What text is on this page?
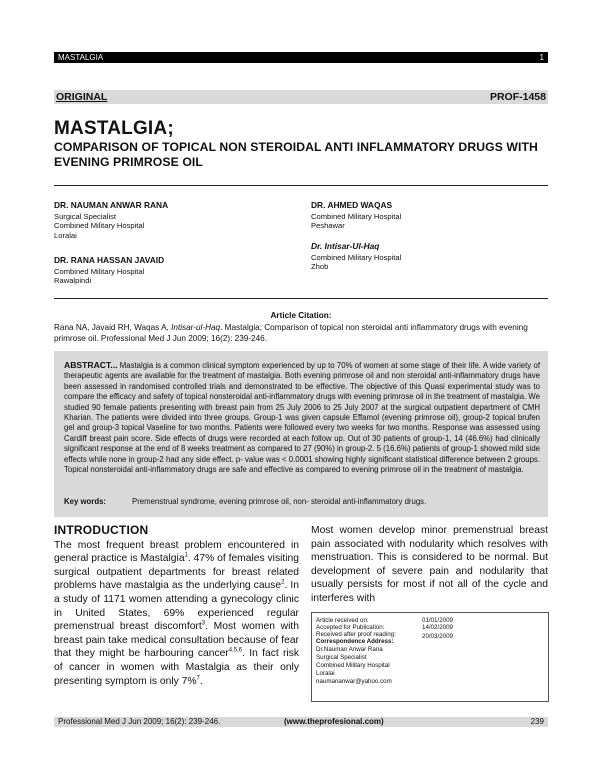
MASTALGIA	1
ORIGINAL	PROF-1458
MASTALGIA;
COMPARISON OF TOPICAL NON STEROIDAL ANTI INFLAMMATORY DRUGS WITH EVENING PRIMROSE OIL
DR. NAUMAN ANWAR RANA
Surgical Specialist
Combined Military Hospital
Loralai
DR. AHMED WAQAS
Combined Military Hospital
Peshawar
DR. RANA HASSAN JAVAID
Combined Military Hospital
Rawalpindi
Dr. Intisar-Ul-Haq
Combined Military Hospital
Zhob
Article Citation:
Rana NA, Javaid RH, Waqas A, Intisar-ul-Haq. Mastalgia; Comparison of topical non steroidal anti inflammatory drugs with evening primrose oil. Professional Med J Jun 2009; 16(2): 239-246.
ABSTRACT... Mastalgia is a common clinical symptom experienced by up to 70% of women at some stage of their life. A wide variety of therapeutic agents are available for the treatment of mastalgia. Both evening primrose oil and non steroidal anti-inflammatory drugs have been assessed in randomised controlled trials and demonstrated to be effective. The objective of this Quasi experimental study was to compare the efficacy and safety of topical nonsteroidal anti-inflammatory drugs with evening primrose oil in the treatment of mastalgia. We studied 90 female patients presenting with breast pain from 25 July 2006 to 25 July 2007 at the surgical outpatient department of CMH Kharian. The patients were divided into three groups. Group-1 was given capsule Effamol (evening primrose oil), group-2 topical brufen gel and group-3 topical Vaseline for two months. Patients were followed every two weeks for two months. Response was assessed using Cardiff breast pain score. Side effects of drugs were recorded at each follow up. Out of 30 patients of group-1, 14 (46.6%) had clinically significant response at the end of 8 weeks treatment as compared to 27 (90%) in group-2. 5 (16.6%) patients of group-1 showed mild side effects while none in group-2 had any side effect. p- value was < 0.0001 showing highly significant statistical difference between 2 groups. Topical nonsteroidal anti-inflammatory drugs are safe and effective as compared to evening primrose oil in the treatment of mastalgia.
Key words:	Premenstrual syndrome, evening primrose oil, non- steroidal anti-inflammatory drugs.
INTRODUCTION
The most frequent breast problem encountered in general practice is Mastalgia$^1$. 47% of females visiting surgical outpatient departments for breast related problems have mastalgia as the underlying cause$^2$. In a study of 1171 women attending a gynecology clinic in United States, 69% experienced regular premenstrual breast discomfort$^3$. Most women with breast pain take medical consultation because of fear that they might be harbouring cancer$^{4,5,6}$. In fact risk of cancer in women with Mastalgia as their only presenting symptom is only 7%$^7$.
Most women develop minor premenstrual breast pain associated with nodularity which resolves with menstruation. This is considered to be normal. But development of severe pain and nodularity that usually persists for most if not all of the cycle and interferes with
Article received on:	01/01/2009
Accepted for Publication:	14/02/2009
Received after proof reading:	20/03/2009
Correspondence Address:
Dr.Nauman Anwar Rana
Surgical Specialist
Combined Military Hospital
Loralai
naumananwar@yahoo.com
Professional Med J Jun 2009; 16(2): 239-246.	(www.theprofesional.com)	239
